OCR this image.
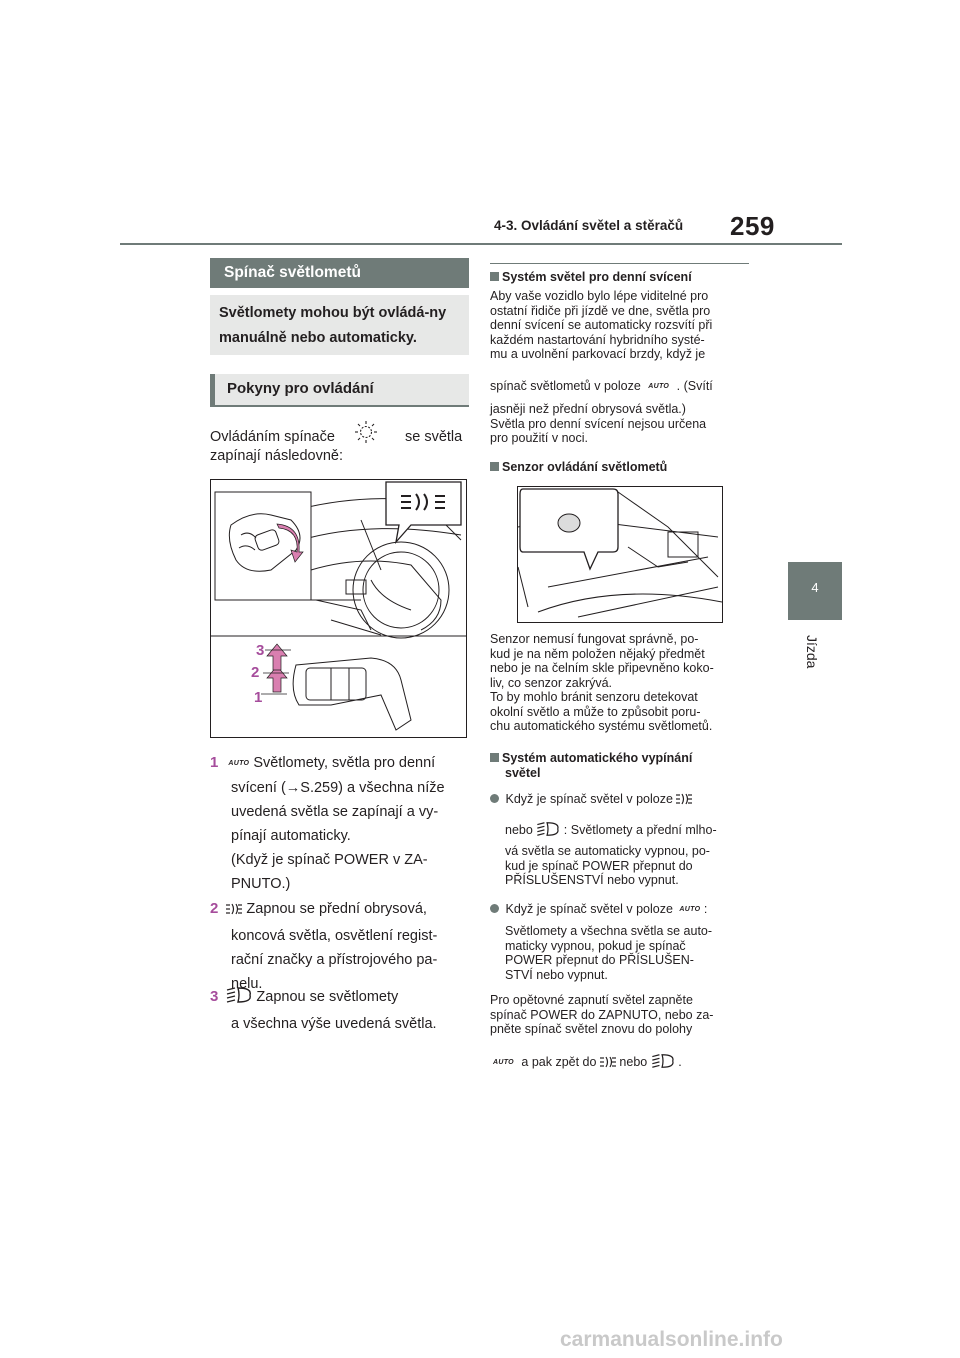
4-3. Ovládání světel a stěračů 259
4
Jízda
Spínač světlometů
Světlomety mohou být ovládá-ny manuálně nebo automaticky.
Pokyny pro ovládání
Ovládáním spínače	se světla
zapínají následovně:
3
2
1
1 AUTO Světlomety, světla pro denní
svícení (→S.259) a všechna níže
uvedená světla se zapínají a vy-
pínají automaticky.
(Když je spínač POWER v ZA-
PNUTO.)
2 Zapnou se přední obrysová,
koncová světla, osvětlení regist-
rační značky a přístrojového pa-
nelu.
3	Zapnou se světlomety
a všechna výše uvedená světla.
Systém světel pro denní svícení
Aby vaše vozidlo bylo lépe viditelné pro
ostatní řidiče při jízdě ve dne, světla pro
denní svícení se automaticky rozsvítí při
každém nastartování hybridního systé-
mu a uvolnění parkovací brzdy, když je
spínač světlometů v poloze AUTO . (Svítí
jasněji než přední obrysová světla.)
Světla pro denní svícení nejsou určena
pro použití v noci.
Senzor ovládání světlometů
Senzor nemusí fungovat správně, po-
kud je na něm položen nějaký předmět
nebo je na čelním skle připevněno koko-
liv, co senzor zakrývá.
To by mohlo bránit senzoru detekovat
okolní světlo a může to způsobit poru-
chu automatického systému světlometů.
Systém automatického vypínání
světel
Když je spínač světel v poloze
nebo : Světlomety a přední mlho-
vá světla se automaticky vypnou, po-
kud je spínač POWER přepnut do
PŘÍSLUŠENSTVÍ nebo vypnut.
Když je spínač světel v poloze AUTO :
Světlomety a všechna světla se auto-
maticky vypnou, pokud je spínač
POWER přepnut do PŘÍSLUŠEN-
STVÍ nebo vypnut.
Pro opětovné zapnutí světel zapněte
spínač POWER do ZAPNUTO, nebo za-
pněte spínač světel znovu do polohy
AUTO a pak zpět do nebo .
carmanualsonline.info
